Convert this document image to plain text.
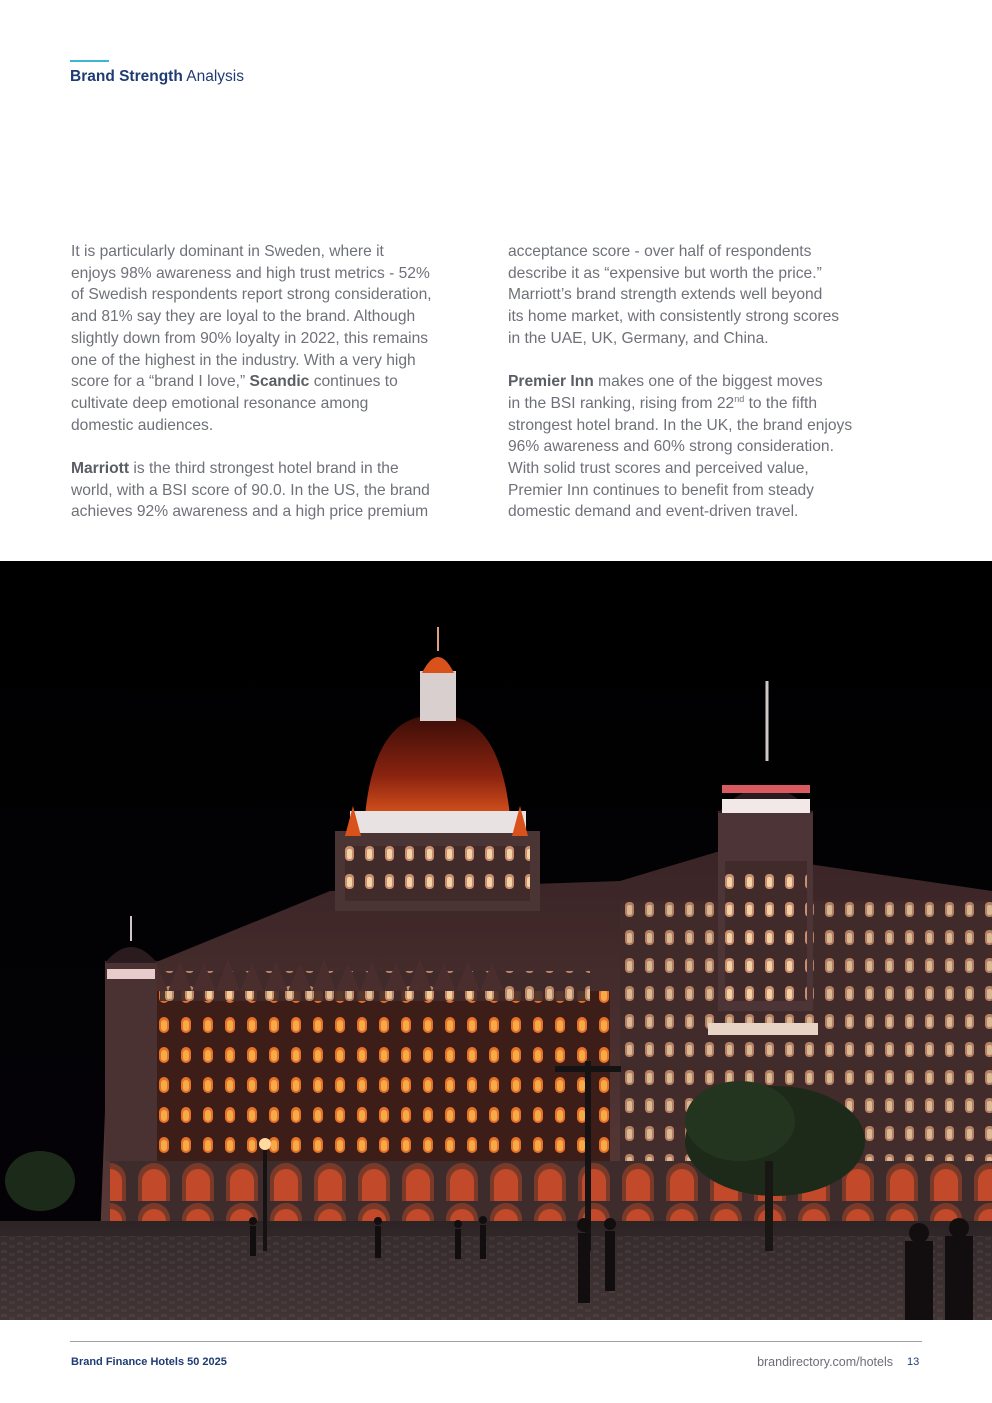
Brand Strength Analysis

It is particularly dominant in Sweden, where it
enjoys 98% awareness and high trust metrics - 52%
of Swedish respondents report strong consideration,
and 81% say they are loyal to the brand. Although
slightly down from 90% loyalty in 2022, this remains
one of the highest in the industry. With a very high
score for a “brand I love,” Scandic continues to
cultivate deep emotional resonance among
domestic audiences.

Marriott is the third strongest hotel brand in the
world, with a BSI score of 90.0. In the US, the brand
achieves 92% awareness and a high price premium

acceptance score - over half of respondents
describe it as “expensive but worth the price.”
Marriott’s brand strength extends well beyond
its home market, with consistently strong scores
in the UAE, UK, Germany, and China.

Premier Inn makes one of the biggest moves
in the BSI ranking, rising from 22nd to the fifth
strongest hotel brand. In the UK, the brand enjoys
96% awareness and 60% strong consideration.
With solid trust scores and perceived value,
Premier Inn continues to benefit from steady
domestic demand and event-driven travel.

Brand Finance Hotels 50 2025	brandirectory.com/hotels 13
